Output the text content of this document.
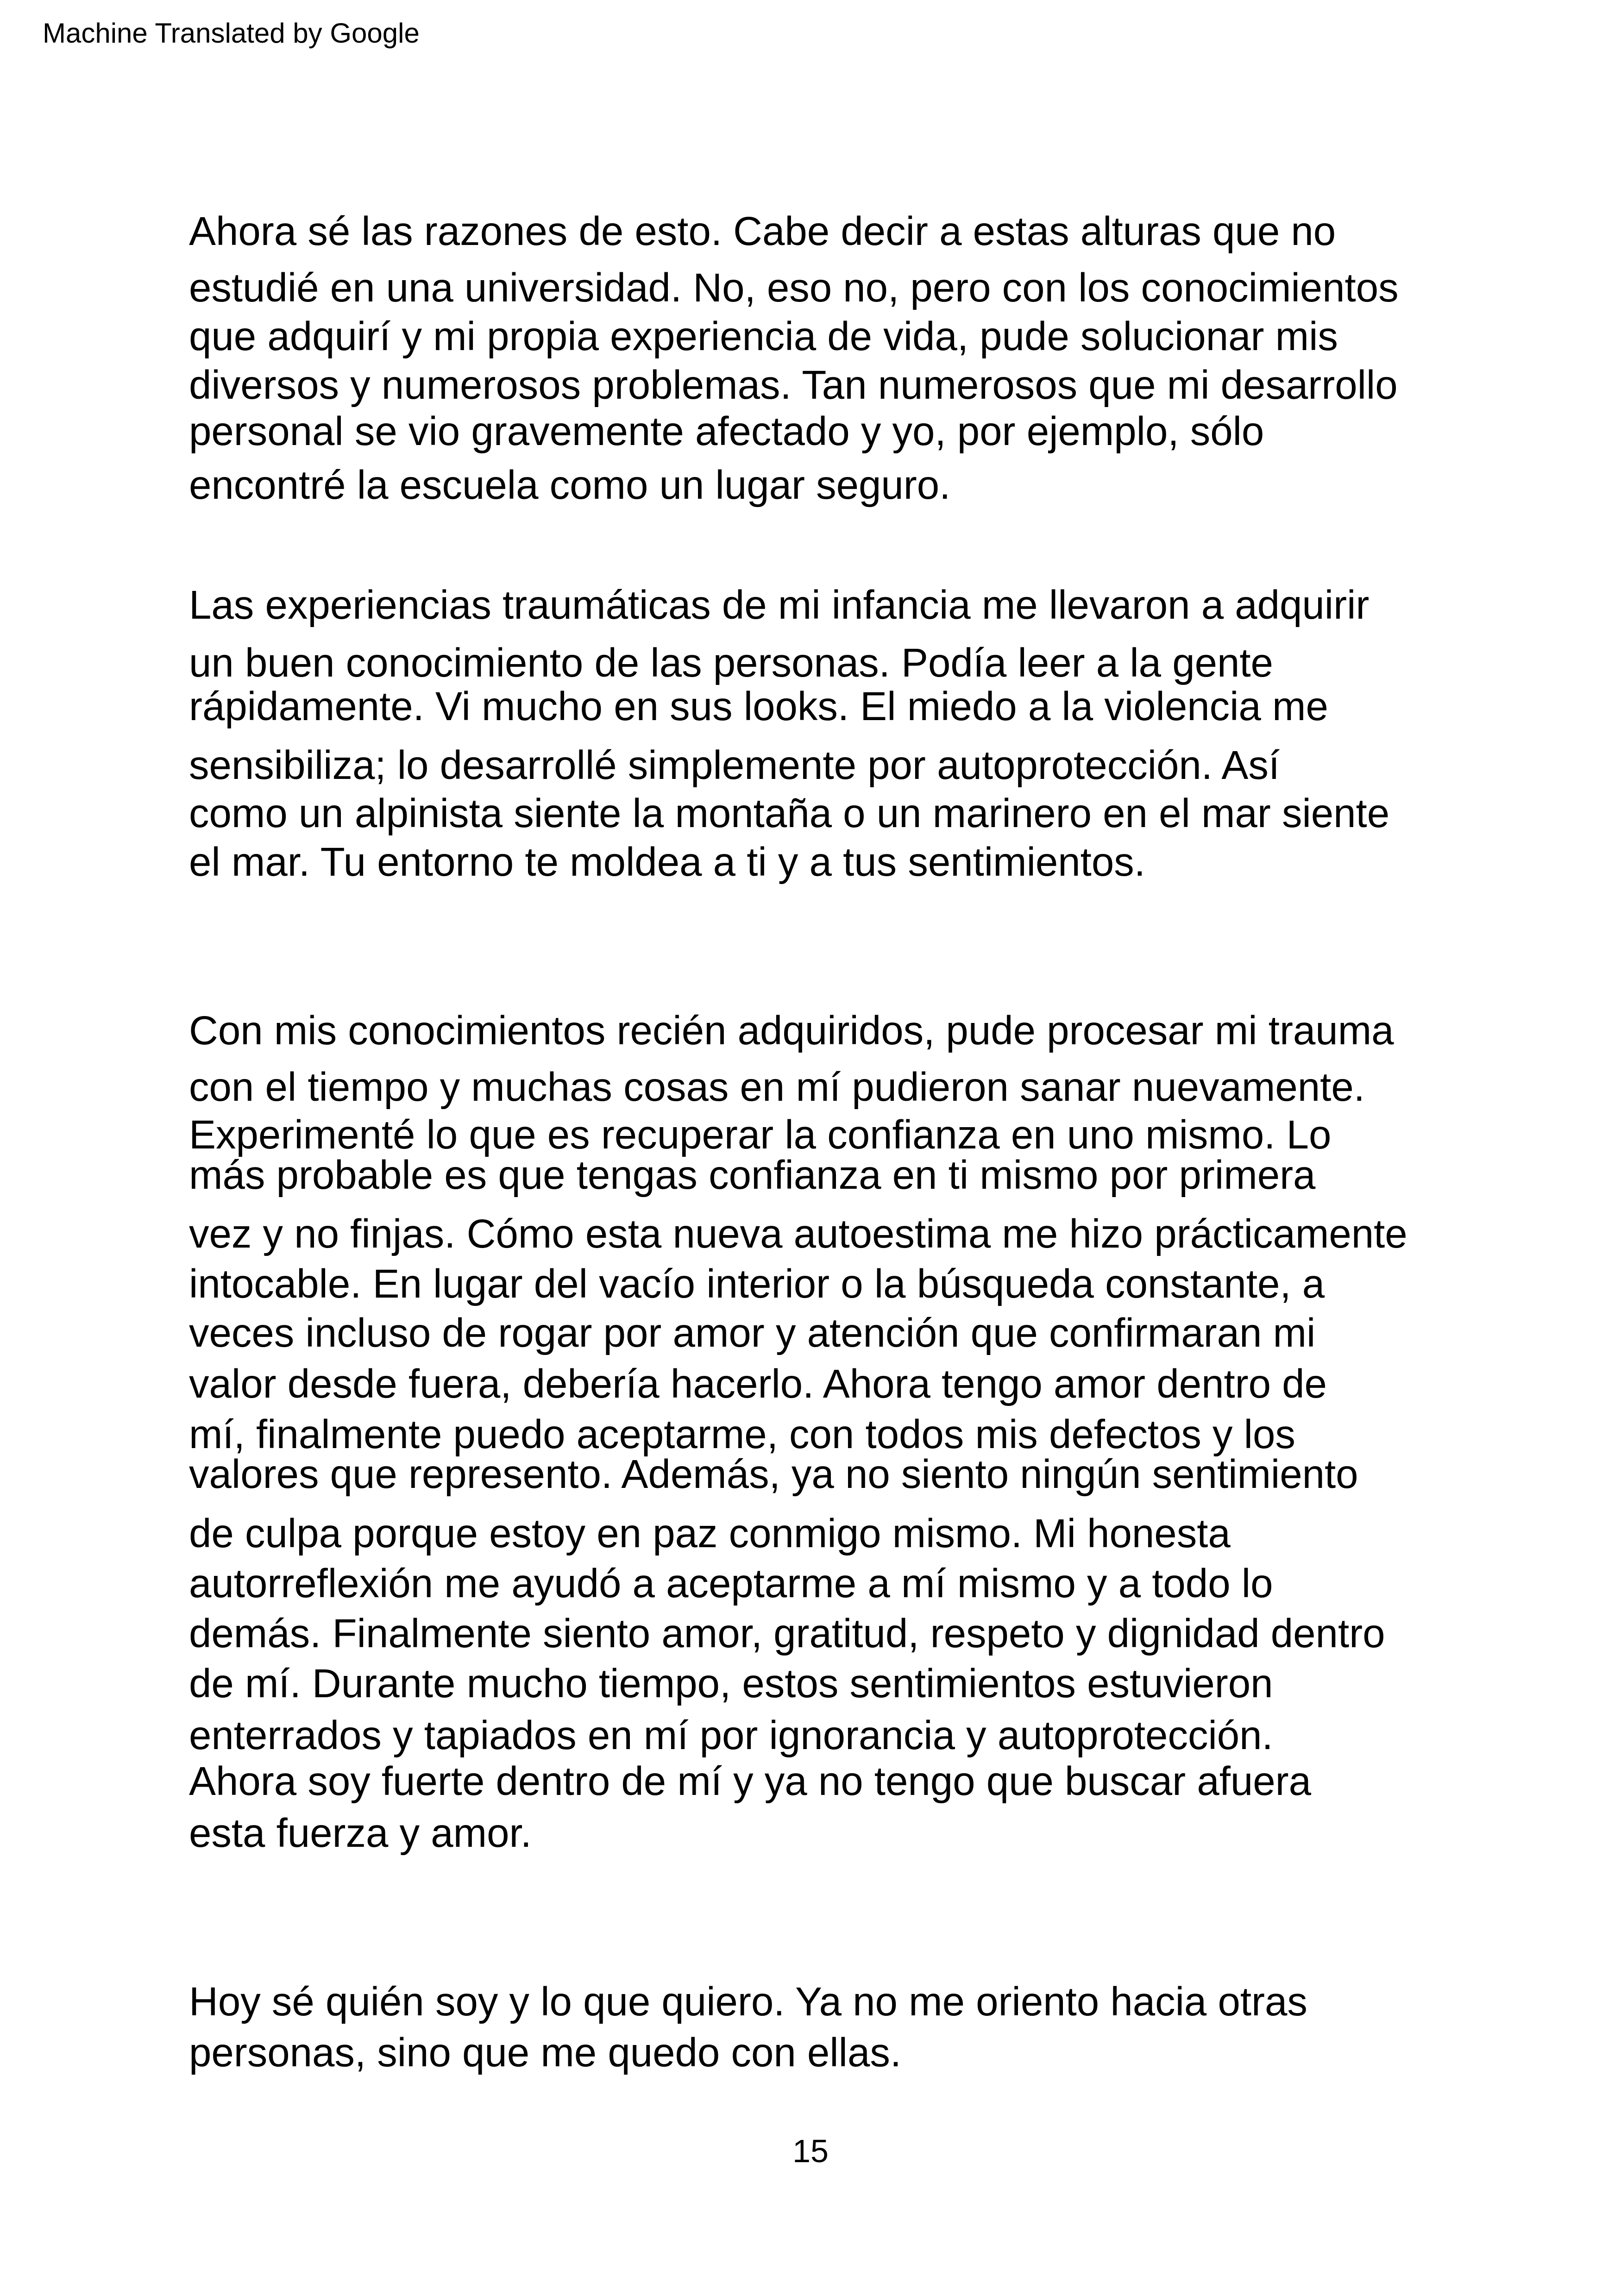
Machine Translated by Google
Ahora sé las razones de esto. Cabe decir a estas alturas que no
estudié en una universidad. No, eso no, pero con los conocimientos
que adquirí y mi propia experiencia de vida, pude solucionar mis
diversos y numerosos problemas. Tan numerosos que mi desarrollo
personal se vio gravemente afectado y yo, por ejemplo, sólo
encontré la escuela como un lugar seguro.
Las experiencias traumáticas de mi infancia me llevaron a adquirir
un buen conocimiento de las personas. Podía leer a la gente
rápidamente. Vi mucho en sus looks. El miedo a la violencia me
sensibiliza; lo desarrollé simplemente por autoprotección. Así
como un alpinista siente la montaña o un marinero en el mar siente
el mar. Tu entorno te moldea a ti y a tus sentimientos.
Con mis conocimientos recién adquiridos, pude procesar mi trauma
con el tiempo y muchas cosas en mí pudieron sanar nuevamente.
Experimenté lo que es recuperar la confianza en uno mismo. Lo
más probable es que tengas confianza en ti mismo por primera
vez y no finjas. Cómo esta nueva autoestima me hizo prácticamente
intocable. En lugar del vacío interior o la búsqueda constante, a
veces incluso de rogar por amor y atención que confirmaran mi
valor desde fuera, debería hacerlo. Ahora tengo amor dentro de
mí, finalmente puedo aceptarme, con todos mis defectos y los
valores que represento. Además, ya no siento ningún sentimiento
de culpa porque estoy en paz conmigo mismo. Mi honesta
autorreflexión me ayudó a aceptarme a mí mismo y a todo lo
demás. Finalmente siento amor, gratitud, respeto y dignidad dentro
de mí. Durante mucho tiempo, estos sentimientos estuvieron
enterrados y tapiados en mí por ignorancia y autoprotección.
Ahora soy fuerte dentro de mí y ya no tengo que buscar afuera
esta fuerza y amor.
Hoy sé quién soy y lo que quiero. Ya no me oriento hacia otras
personas, sino que me quedo con ellas.
15
